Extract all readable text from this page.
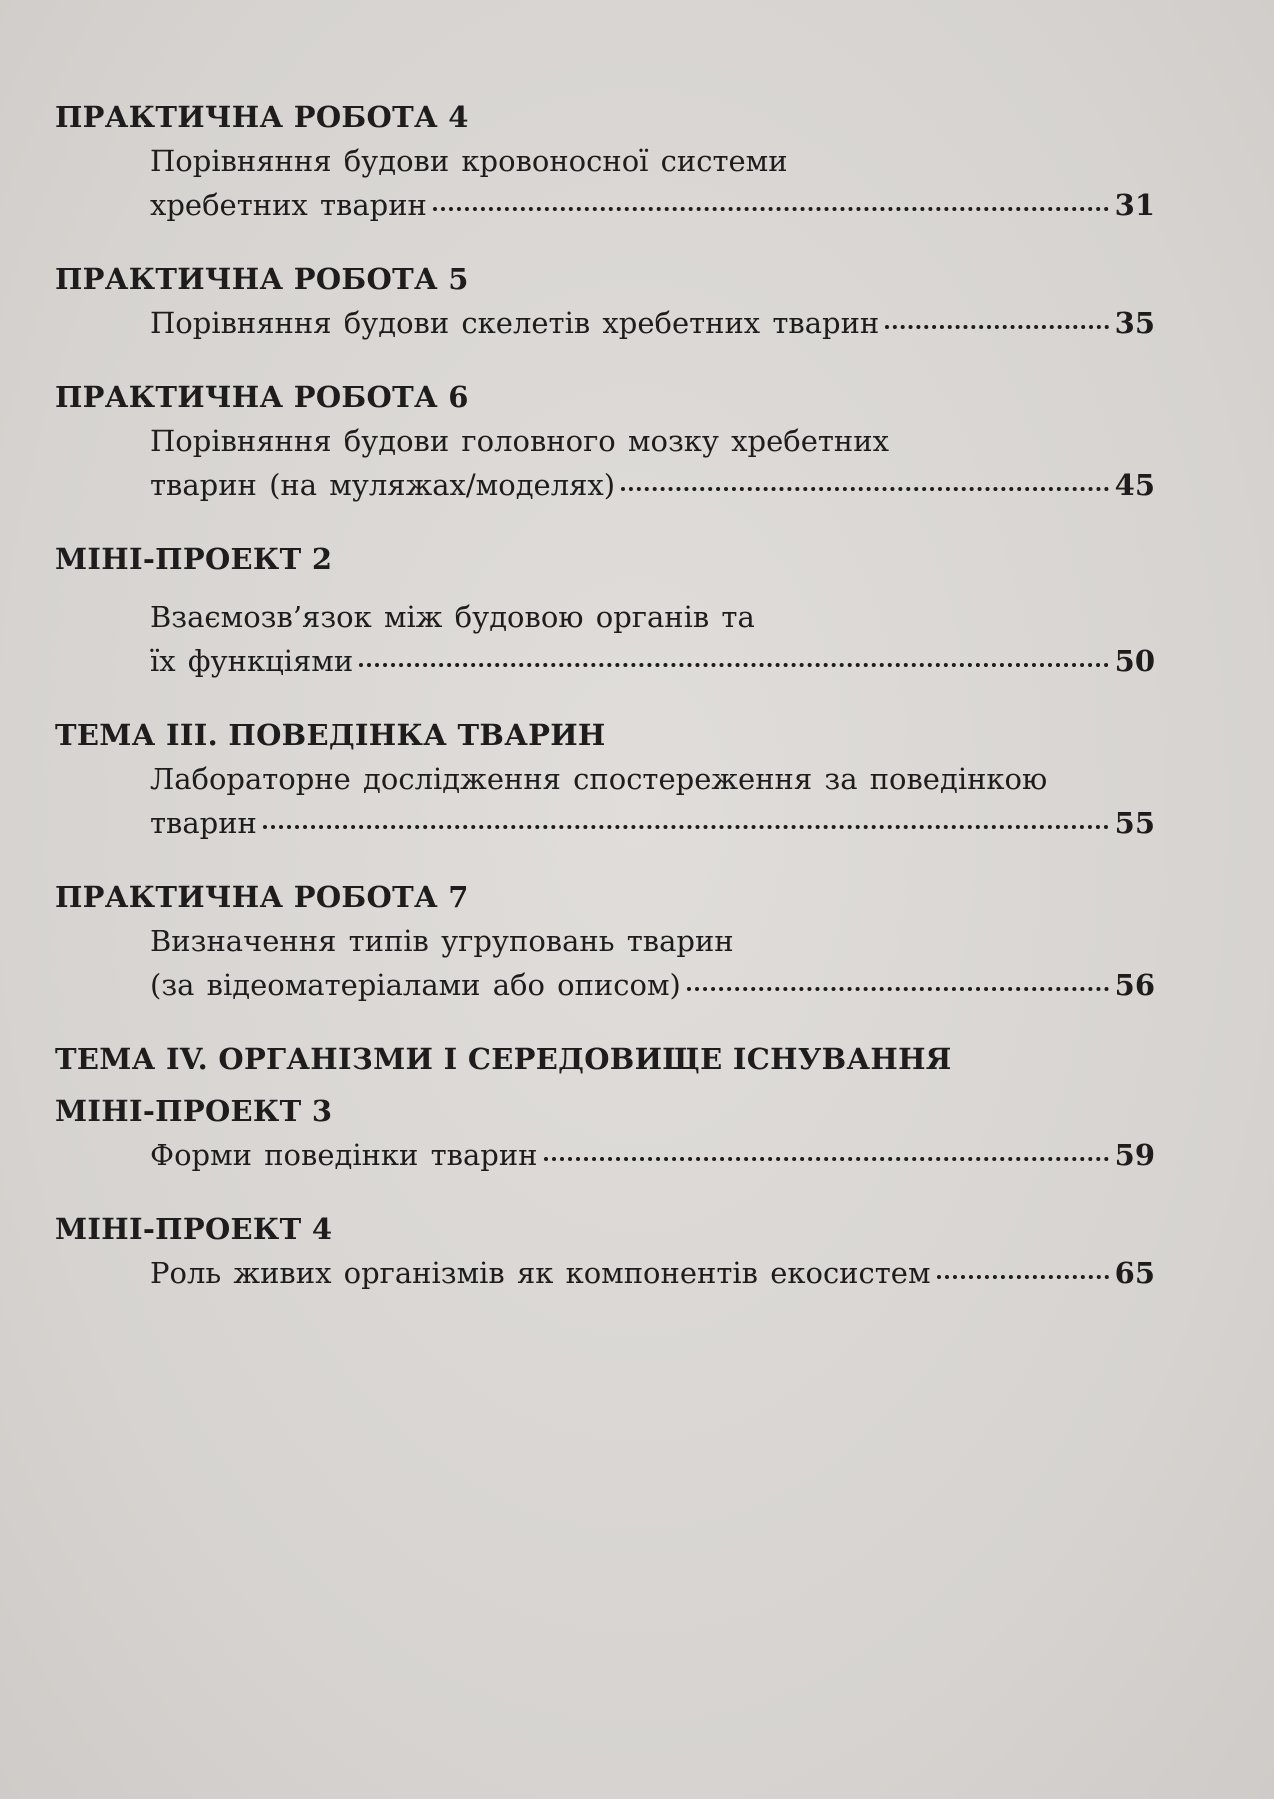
ПРАКТИЧНА РОБОТА 4

Порівняння будови кровоносної системи
хребетних тварин	31

ПРАКТИЧНА РОБОТА 5

Порівняння будови скелетів хребетних тварин	35

ПРАКТИЧНА РОБОТА 6

Порівняння будови головного мозку хребетних
тварин (на муляжах/моделях)	45

МІНІ-ПРОЕКТ 2

Взаємозв’язок між будовою органів та
їх функціями	50

ТЕМА ІІІ. ПОВЕДІНКА ТВАРИН

Лабораторне дослідження спостереження за поведінкою
тварин	55

ПРАКТИЧНА РОБОТА 7

Визначення типів угруповань тварин
(за відеоматеріалами або описом)	56

ТЕМА ІV. ОРГАНІЗМИ І СЕРЕДОВИЩЕ ІСНУВАННЯ

МІНІ-ПРОЕКТ 3

Форми поведінки тварин	59

МІНІ-ПРОЕКТ 4

Роль живих організмів як компонентів екосистем	65
